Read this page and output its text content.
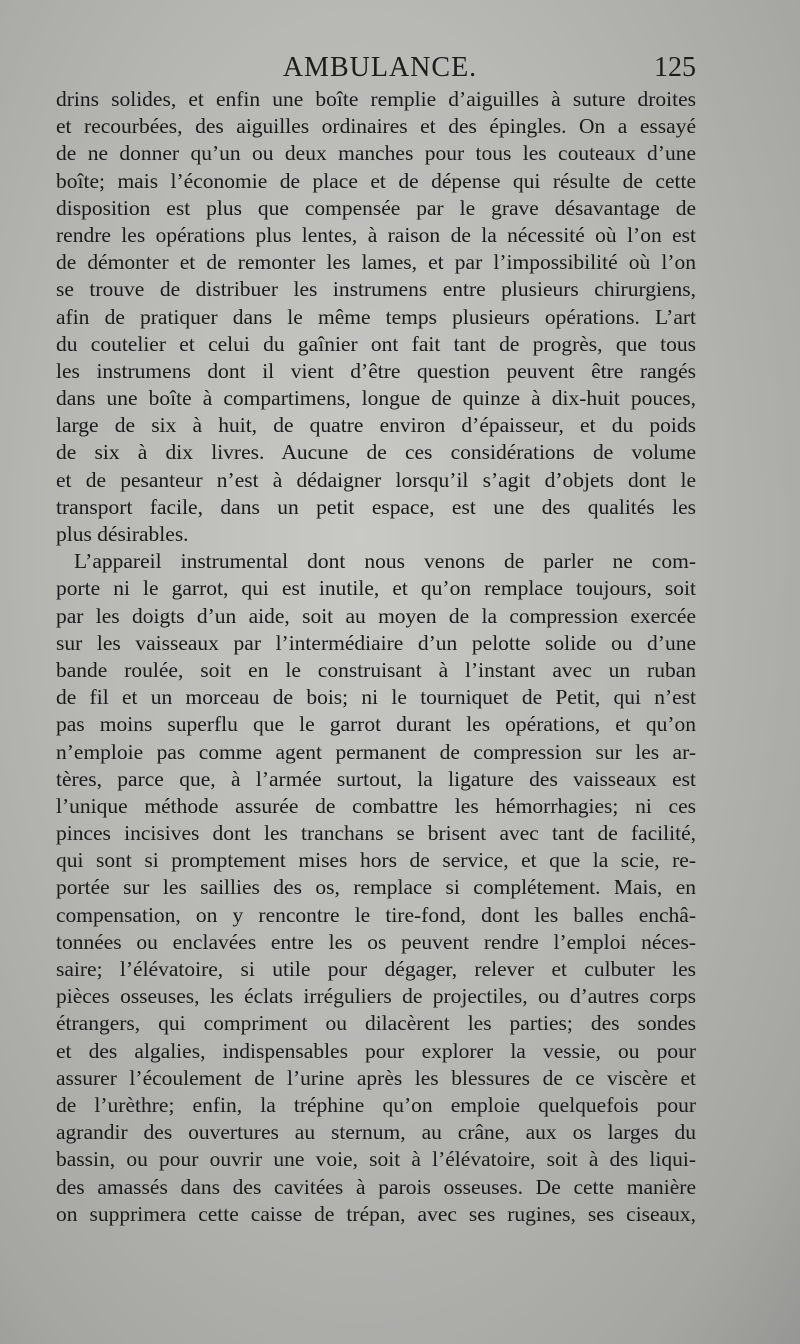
AMBULANCE.	125
drins solides, et enfin une boîte remplie d’aiguilles à suture droites
et recourbées, des aiguilles ordinaires et des épingles. On a essayé
de ne donner qu’un ou deux manches pour tous les couteaux d’une
boîte; mais l’économie de place et de dépense qui résulte de cette
disposition est plus que compensée par le grave désavantage de
rendre les opérations plus lentes, à raison de la nécessité où l’on est
de démonter et de remonter les lames, et par l’impossibilité où l’on
se trouve de distribuer les instrumens entre plusieurs chirurgiens,
afin de pratiquer dans le même temps plusieurs opérations. L’art
du coutelier et celui du gaînier ont fait tant de progrès, que tous
les instrumens dont il vient d’être question peuvent être rangés
dans une boîte à compartimens, longue de quinze à dix-huit pouces,
large de six à huit, de quatre environ d’épaisseur, et du poids
de six à dix livres. Aucune de ces considérations de volume
et de pesanteur n’est à dédaigner lorsqu’il s’agit d’objets dont le
transport facile, dans un petit espace, est une des qualités les
plus désirables.
L’appareil instrumental dont nous venons de parler ne com-
porte ni le garrot, qui est inutile, et qu’on remplace toujours, soit
par les doigts d’un aide, soit au moyen de la compression exercée
sur les vaisseaux par l’intermédiaire d’un pelotte solide ou d’une
bande roulée, soit en le construisant à l’instant avec un ruban
de fil et un morceau de bois; ni le tourniquet de Petit, qui n’est
pas moins superflu que le garrot durant les opérations, et qu’on
n’emploie pas comme agent permanent de compression sur les ar-
tères, parce que, à l’armée surtout, la ligature des vaisseaux est
l’unique méthode assurée de combattre les hémorrhagies; ni ces
pinces incisives dont les tranchans se brisent avec tant de facilité,
qui sont si promptement mises hors de service, et que la scie, re-
portée sur les saillies des os, remplace si complétement. Mais, en
compensation, on y rencontre le tire-fond, dont les balles enchâ-
tonnées ou enclavées entre les os peuvent rendre l’emploi néces-
saire; l’élévatoire, si utile pour dégager, relever et culbuter les
pièces osseuses, les éclats irréguliers de projectiles, ou d’autres corps
étrangers, qui compriment ou dilacèrent les parties; des sondes
et des algalies, indispensables pour explorer la vessie, ou pour
assurer l’écoulement de l’urine après les blessures de ce viscère et
de l’urèthre; enfin, la tréphine qu’on emploie quelquefois pour
agrandir des ouvertures au sternum, au crâne, aux os larges du
bassin, ou pour ouvrir une voie, soit à l’élévatoire, soit à des liqui-
des amassés dans des cavitées à parois osseuses. De cette manière
on supprimera cette caisse de trépan, avec ses rugines, ses ciseaux,
